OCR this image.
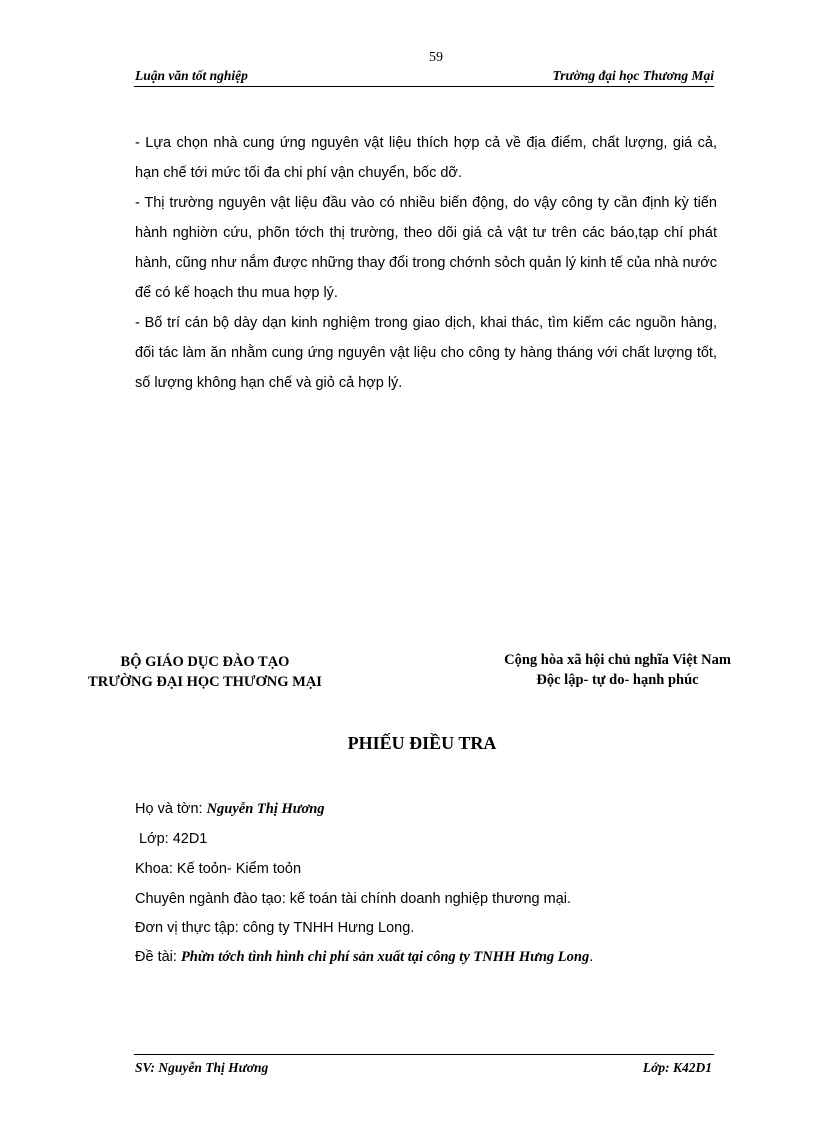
59
Luận văn tốt nghiệp	Trường đại học Thương Mại
- Lựa chọn nhà cung ứng nguyên vật liệu thích hợp cả về địa điểm, chất lượng, giá cả, hạn chế tới mức tối đa chi phí vận chuyển, bốc dỡ.
- Thị trường nguyên vật liệu đầu vào có nhiều biến động, do vậy công ty cần định kỳ tiến hành nghiờn cứu, phõn tớch thị trường, theo dõi giá cả vật tư trên các báo,tạp chí phát hành, cũng như nắm được những thay đổi trong chớnh sỏch quản lý kinh tế của nhà nước để có kế hoạch thu mua hợp lý.
- Bố trí cán bộ dày dạn kinh nghiệm trong giao dịch, khai thác, tìm kiếm các nguồn hàng, đối tác làm ăn nhằm cung ứng nguyên vật liệu cho công ty hàng tháng với chất lượng tốt, số lượng không hạn chế và giỏ cả hợp lý.
BỘ GIÁO DỤC ĐÀO TẠO
TRƯỜNG ĐẠI HỌC THƯƠNG MẠI
Cộng hòa xã hội chủ nghĩa Việt Nam
Độc lập- tự do- hạnh phúc
PHIẾU ĐIỀU TRA
Họ và tờn: Nguyễn Thị Hương
Lớp: 42D1
Khoa: Kế toỏn- Kiểm toỏn
Chuyên ngành đào tạo: kế toán tài chính doanh nghiệp thương mại.
Đơn vị thực tập: công ty TNHH Hưng Long.
Đề tài: Phừn tớch tình hình chi phí sản xuất tại công ty TNHH Hưng Long.
SV: Nguyễn Thị Hương	Lớp: K42D1
